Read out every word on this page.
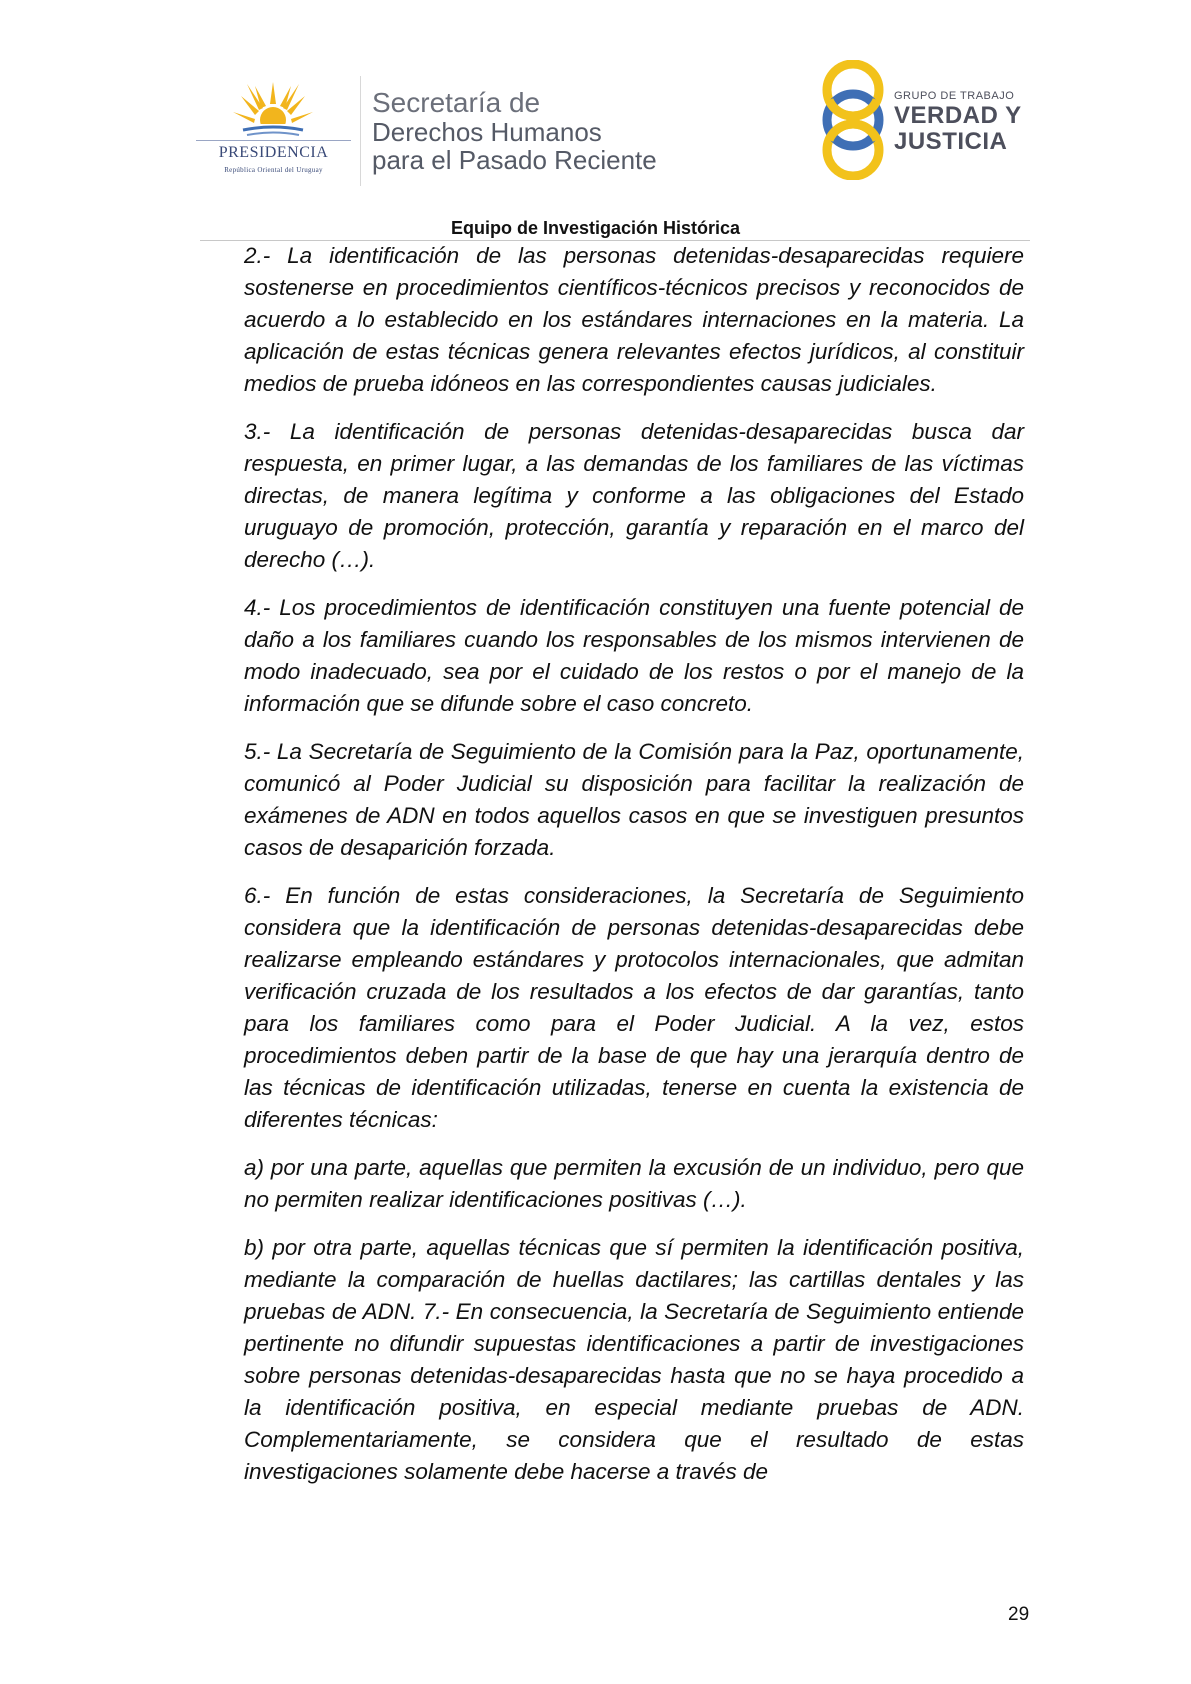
PRESIDENCIA
República Oriental del Uruguay
Secretaría de
Derechos Humanos
para el Pasado Reciente
GRUPO DE TRABAJO
VERDAD Y
JUSTICIA
Equipo de Investigación Histórica

2.- La identificación de las personas detenidas-desaparecidas requiere sostenerse en procedimientos científicos-técnicos precisos y reconocidos de acuerdo a lo establecido en los estándares internaciones en la materia. La aplicación de estas técnicas genera relevantes efectos jurídicos, al constituir medios de prueba idóneos en las correspondientes causas judiciales.

3.- La identificación de personas detenidas-desaparecidas busca dar respuesta, en primer lugar, a las demandas de los familiares de las víctimas directas, de manera legítima y conforme a las obligaciones del Estado uruguayo de promoción, protección, garantía y reparación en el marco del derecho (…).

4.- Los procedimientos de identificación constituyen una fuente potencial de daño a los familiares cuando los responsables de los mismos intervienen de modo inadecuado, sea por el cuidado de los restos o por el manejo de la información que se difunde sobre el caso concreto.

5.- La Secretaría de Seguimiento de la Comisión para la Paz, oportunamente, comunicó al Poder Judicial su disposición para facilitar la realización de exámenes de ADN en todos aquellos casos en que se investiguen presuntos casos de desaparición forzada.

6.- En función de estas consideraciones, la Secretaría de Seguimiento considera que la identificación de personas detenidas-desaparecidas debe realizarse empleando estándares y protocolos internacionales, que admitan verificación cruzada de los resultados a los efectos de dar garantías, tanto para los familiares como para el Poder Judicial. A la vez, estos procedimientos deben partir de la base de que hay una jerarquía dentro de las técnicas de identificación utilizadas, tenerse en cuenta la existencia de diferentes técnicas:

a) por una parte, aquellas que permiten la excusión de un individuo, pero que no permiten realizar identificaciones positivas (…).

b) por otra parte, aquellas técnicas que sí permiten la identificación positiva, mediante la comparación de huellas dactilares; las cartillas dentales y las pruebas de ADN. 7.- En consecuencia, la Secretaría de Seguimiento entiende pertinente no difundir supuestas identificaciones a partir de investigaciones sobre personas detenidas-desaparecidas hasta que no se haya procedido a la identificación positiva, en especial mediante pruebas de ADN. Complementariamente, se considera que el resultado de estas investigaciones solamente debe hacerse a través de

29
